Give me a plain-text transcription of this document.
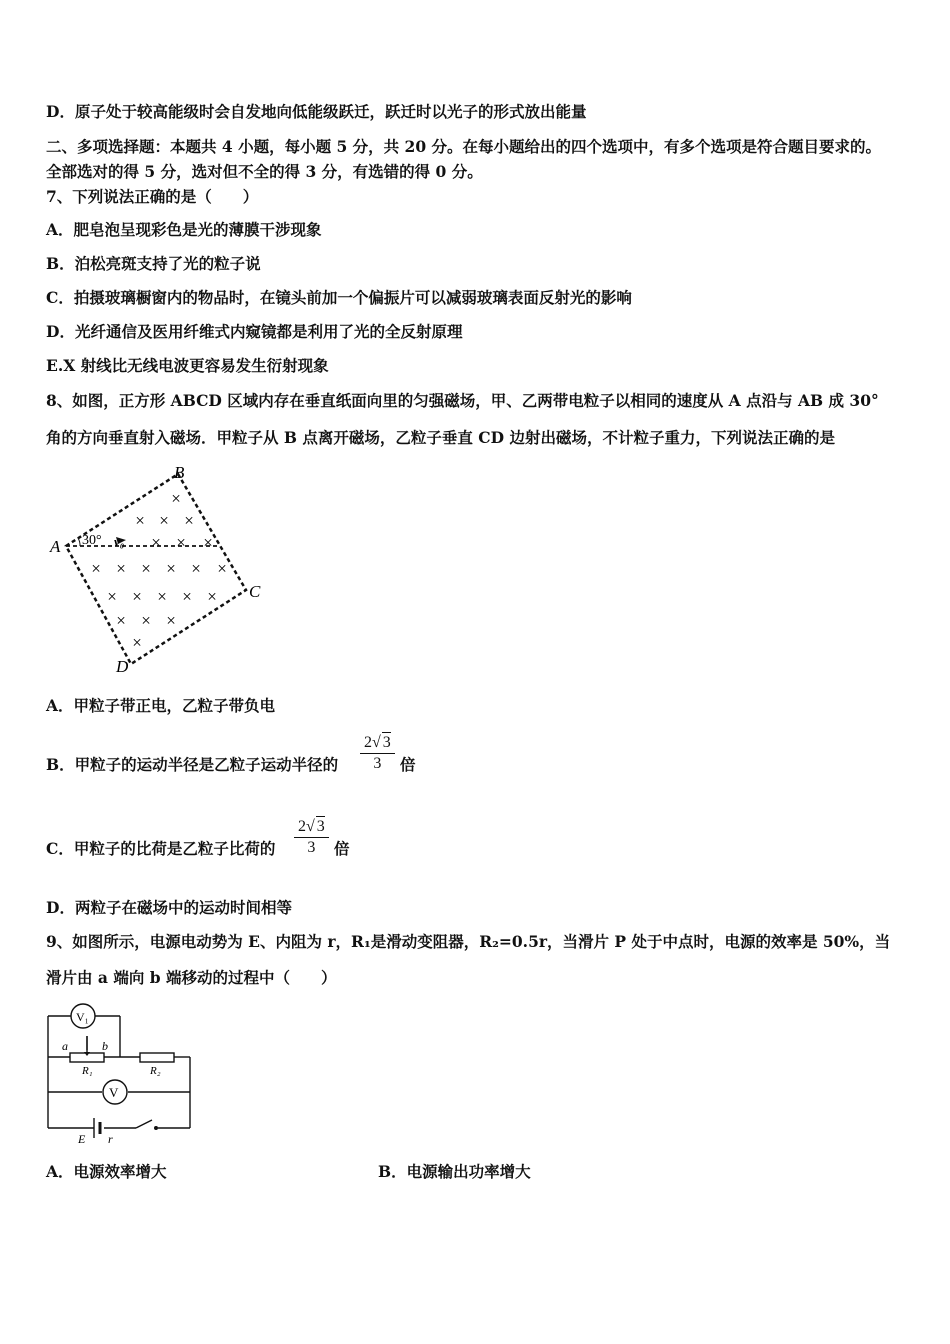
D．原子处于较高能级时会自发地向低能级跃迁，跃迁时以光子的形式放出能量
二、多项选择题：本题共 4 小题，每小题 5 分，共 20 分。在每小题给出的四个选项中，有多个选项是符合题目要求的。
全部选对的得 5 分，选对但不全的得 3 分，有选错的得 0 分。
7、下列说法正确的是（　　）
A．肥皂泡呈现彩色是光的薄膜干涉现象
B．泊松亮斑支持了光的粒子说
C．拍摄玻璃橱窗内的物品时，在镜头前加一个偏振片可以减弱玻璃表面反射光的影响
D．光纤通信及医用纤维式内窥镜都是利用了光的全反射原理
E.X 射线比无线电波更容易发生衍射现象
8、如图，正方形 ABCD 区域内存在垂直纸面向里的匀强磁场，甲、乙两带电粒子以相同的速度从 A 点沿与 AB 成 30°
角的方向垂直射入磁场．甲粒子从 B 点离开磁场，乙粒子垂直 CD 边射出磁场，不计粒子重力，下列说法正确的是
×
× × ×
× × ×
× × × × × ×
× × × × ×
× × ×
×
A
B
C
D
30° v₀
A．甲粒子带正电，乙粒子带负电
B．甲粒子的运动半径是乙粒子运动半径的
2√ 3
3 倍
C．甲粒子的比荷是乙粒子比荷的
2√ 3
3 倍
D．两粒子在磁场中的运动时间相等
9、如图所示，电源电动势为 E、内阻为 r，R₁是滑动变阻器，R₂=0.5r，当滑片 P 处于中点时，电源的效率是 50%，当
滑片由 a 端向 b 端移动的过程中（　　）
V₁
V
a	b
R₁	R₂
E r
A．电源效率增大	B．电源输出功率增大
